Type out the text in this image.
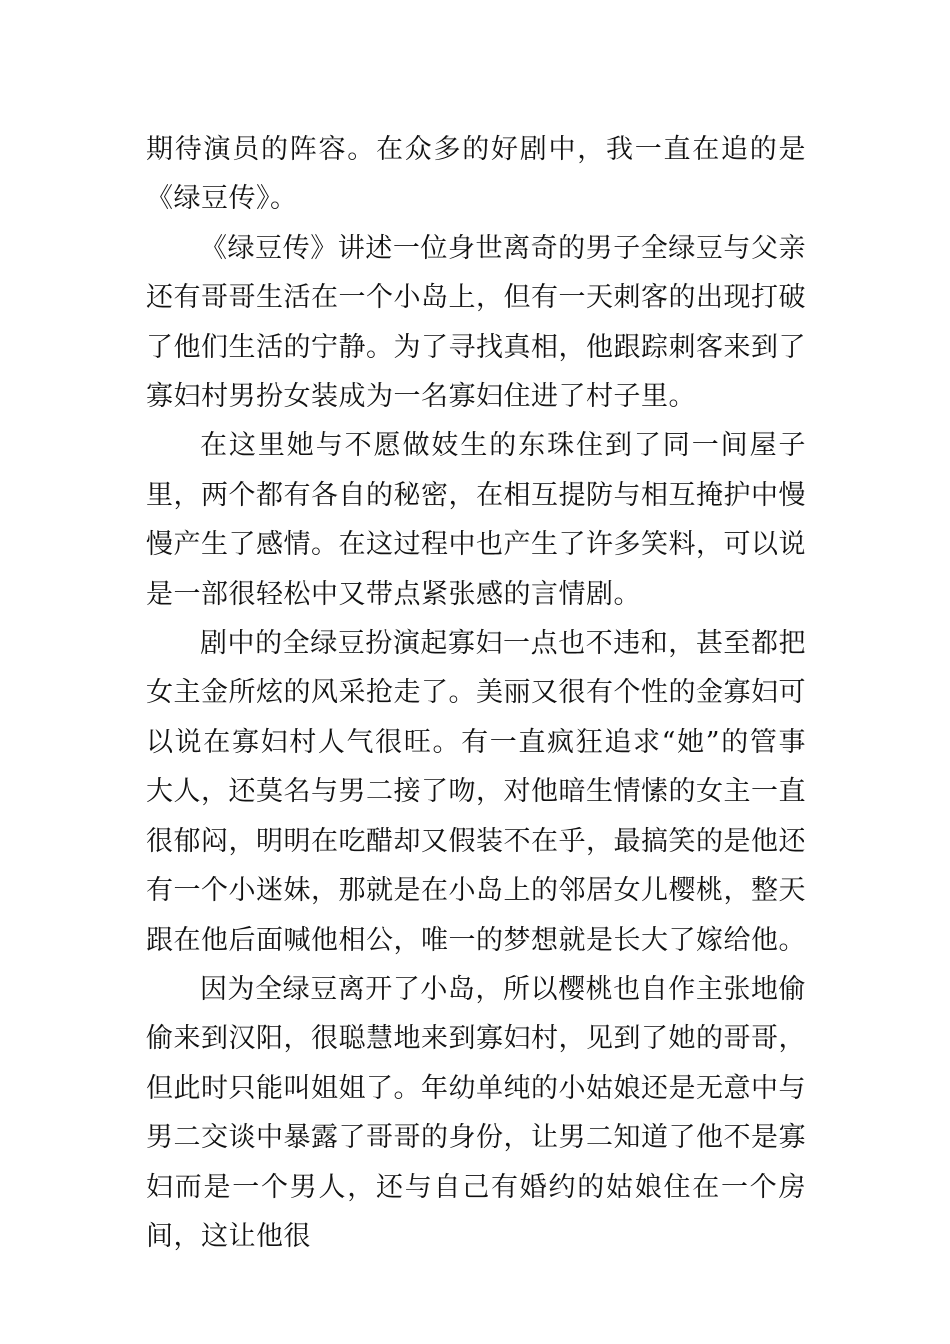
期待演员的阵容。在众多的好剧中，我一直在追的是《绿豆传》。

《绿豆传》讲述一位身世离奇的男子全绿豆与父亲还有哥哥生活在一个小岛上，但有一天刺客的出现打破了他们生活的宁静。为了寻找真相，他跟踪刺客来到了寡妇村男扮女装成为一名寡妇住进了村子里。

在这里她与不愿做妓生的东珠住到了同一间屋子里，两个都有各自的秘密，在相互提防与相互掩护中慢慢产生了感情。在这过程中也产生了许多笑料，可以说是一部很轻松中又带点紧张感的言情剧。

剧中的全绿豆扮演起寡妇一点也不违和，甚至都把女主金所炫的风采抢走了。美丽又很有个性的金寡妇可以说在寡妇村人气很旺。有一直疯狂追求“她”的管事大人，还莫名与男二接了吻，对他暗生情愫的女主一直很郁闷，明明在吃醋却又假装不在乎，最搞笑的是他还有一个小迷妹，那就是在小岛上的邻居女儿樱桃，整天跟在他后面喊他相公，唯一的梦想就是长大了嫁给他。

因为全绿豆离开了小岛，所以樱桃也自作主张地偷偷来到汉阳，很聪慧地来到寡妇村，见到了她的哥哥，但此时只能叫姐姐了。年幼单纯的小姑娘还是无意中与男二交谈中暴露了哥哥的身份，让男二知道了他不是寡妇而是一个男人，还与自己有婚约的姑娘住在一个房间，这让他很
